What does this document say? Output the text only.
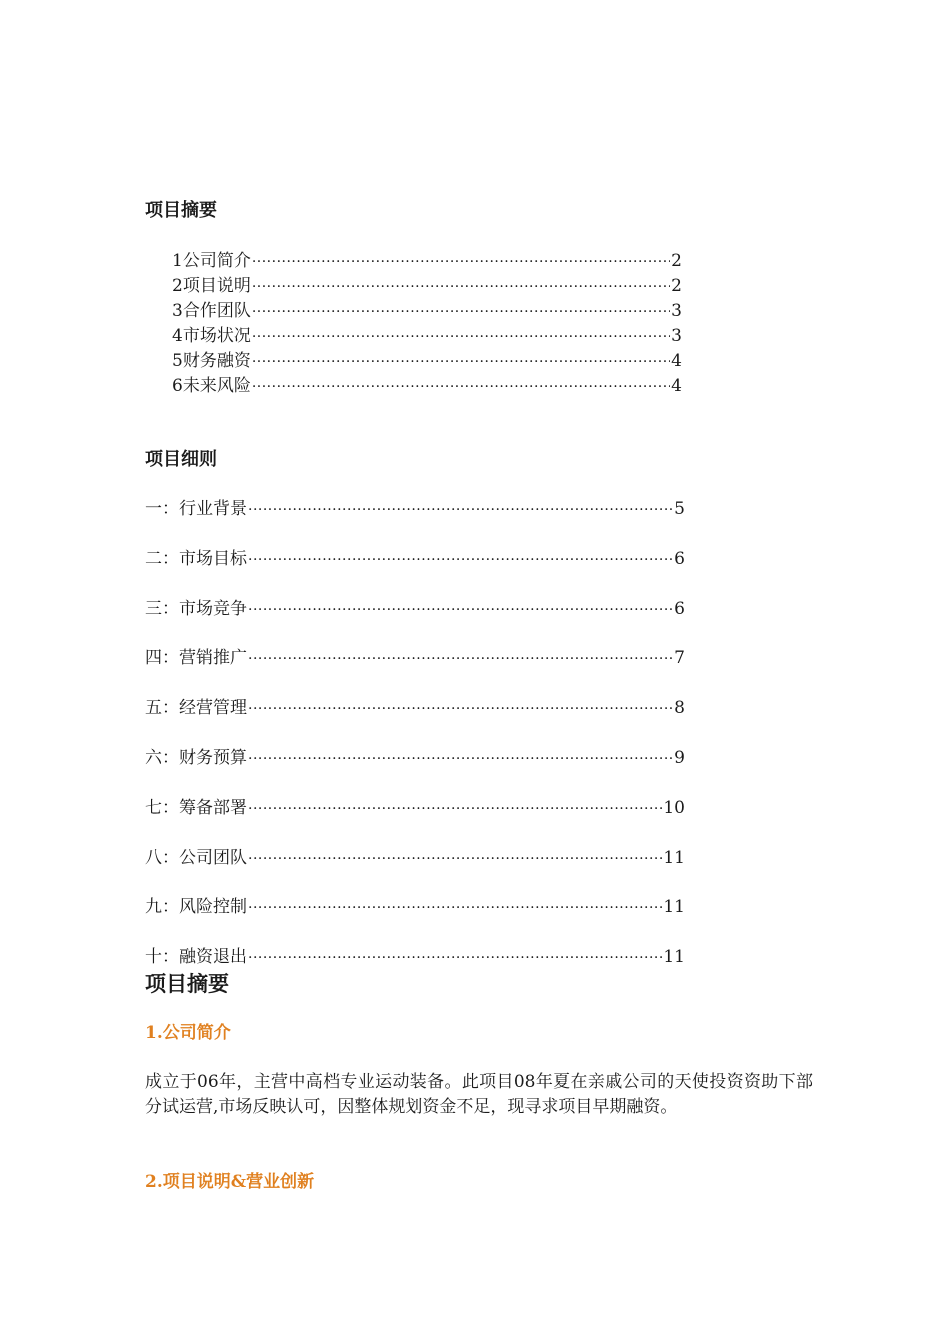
项目摘要
1公司简介 ·····	2
2项目说明 ·····	2
3合作团队 ·····	3
4市场状况 ·····	3
5财务融资 ·····	4
6未来风险 ·····	4
项目细则
一：行业背景 ·····	5
二：市场目标 ·····	6
三：市场竞争 ·····	6
四：营销推广 ·····	7
五：经营管理 ·····	8
六：财务预算 ·····	9
七：筹备部署 ·····	10
八：公司团队 ·····	11
九：风险控制 ·····	11
十：融资退出 ·····	11
项目摘要
1.公司简介

成立于06年，主营中高档专业运动装备。此项目08年夏在亲戚公司的天使投资资助下部分试运营,市场反映认可，因整体规划资金不足，现寻求项目早期融资。

2.项目说明&营业创新
